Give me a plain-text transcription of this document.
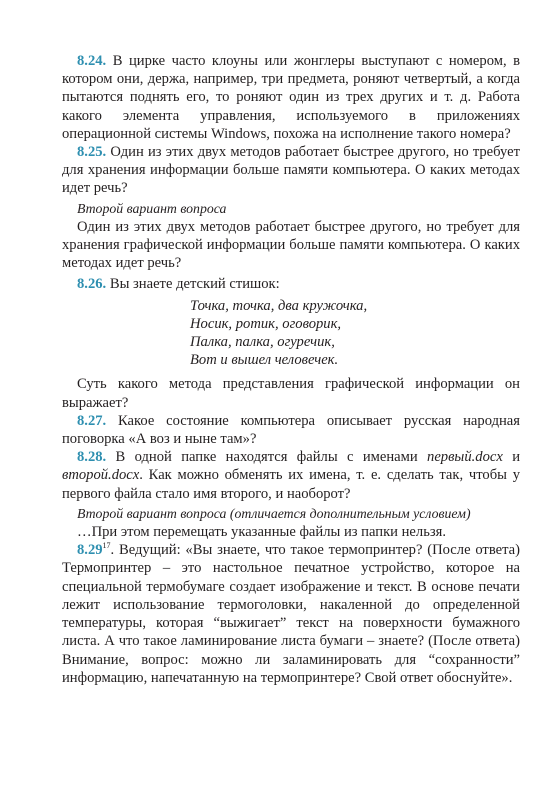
8.24. В цирке часто клоуны или жонглеры выступают с номером, в котором они, держа, например, три предмета, роняют четвертый, а когда пытаются поднять его, то роняют один из трех других и т. д. Работа какого элемента управления, используемого в приложениях операционной системы Windows, похожа на исполнение такого номера?

8.25. Один из этих двух методов работает быстрее другого, но требует для хранения информации больше памяти компьютера. О каких методах идет речь?

Второй вариант вопроса

Один из этих двух методов работает быстрее другого, но требует для хранения графической информации больше памяти компьютера. О каких методах идет речь?

8.26. Вы знаете детский стишок:

Точка, точка, два кружочка,
Носик, ротик, оговорик,
Палка, палка, огуречик,
Вот и вышел человечек.

Суть какого метода представления графической информации он выражает?

8.27. Какое состояние компьютера описывает русская народная поговорка «А воз и ныне там»?

8.28. В одной папке находятся файлы с именами первый.docx и второй.docx. Как можно обменять их имена, т. е. сделать так, чтобы у первого файла стало имя второго, и наоборот?

Второй вариант вопроса (отличается дополнительным условием)

…При этом перемещать указанные файлы из папки нельзя.

8.29$^{17}$. Ведущий: «Вы знаете, что такое термопринтер? (После ответа) Термопринтер – это настольное печатное устройство, которое на специальной термобумаге создает изображение и текст. В основе печати лежит использование термоголовки, накаленной до определенной температуры, которая “выжигает” текст на поверхности бумажного листа. А что такое ламинирование листа бумаги – знаете? (После ответа) Внимание, вопрос: можно ли заламинировать для “сохранности” информацию, напечатанную на термопринтере? Свой ответ обоснуйте».
